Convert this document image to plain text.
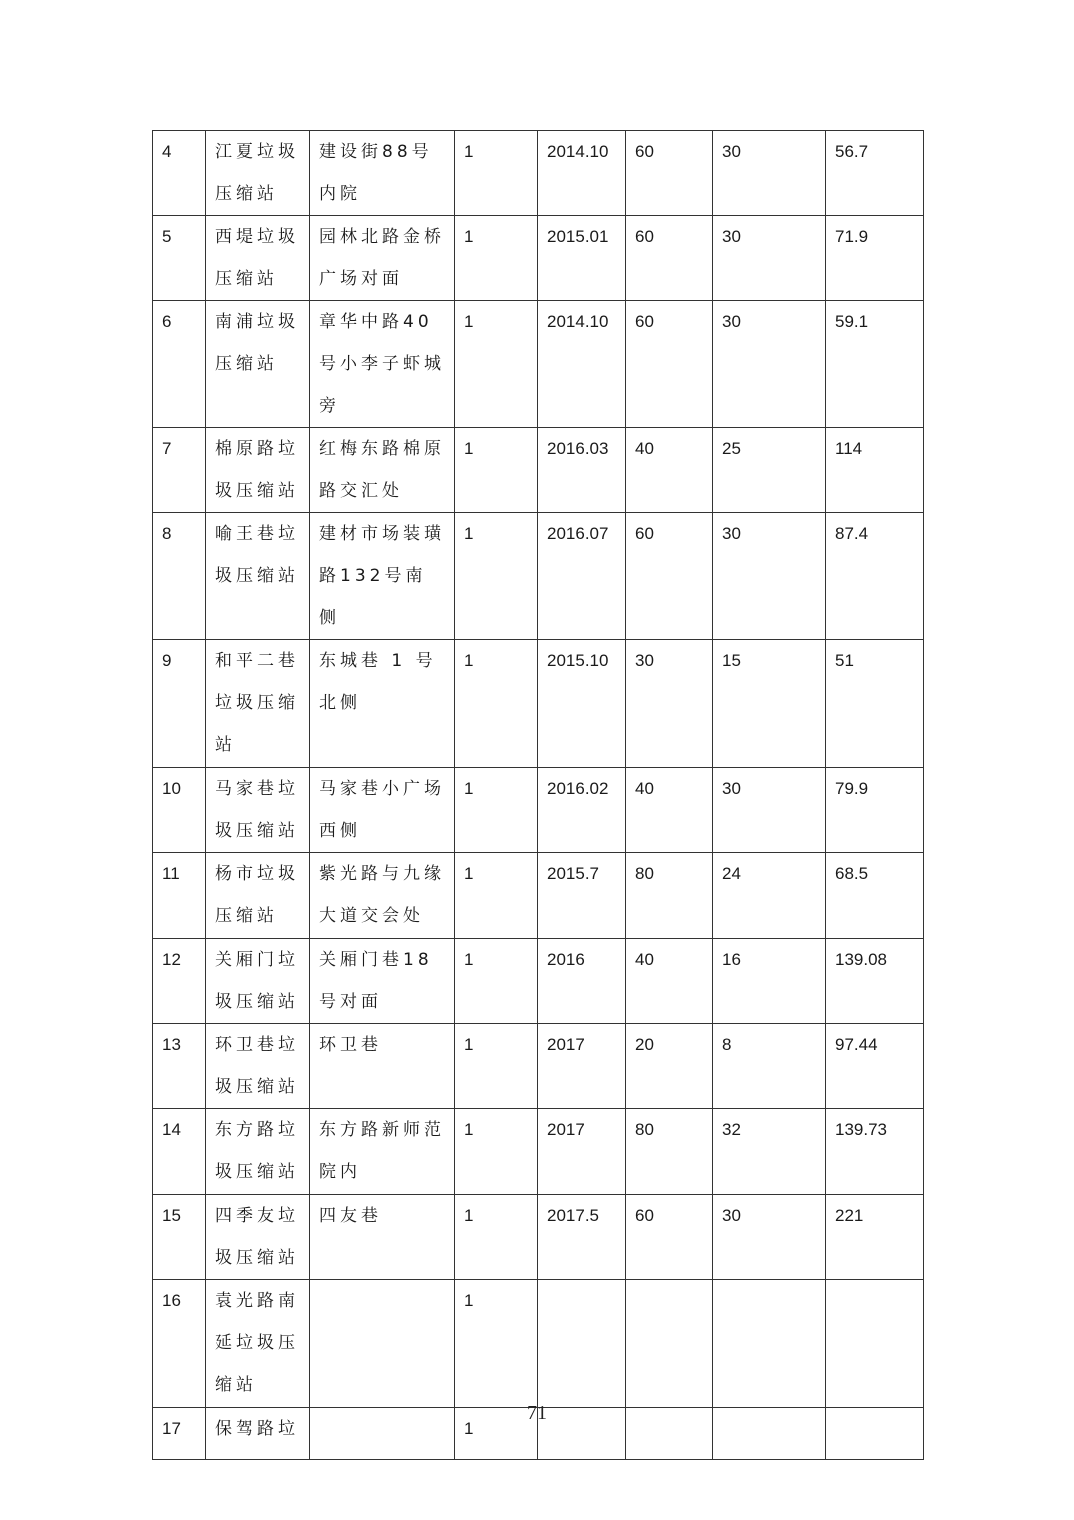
4	江夏垃圾压缩站	建设街88号内院	1	2014.10	60	30	56.7

5	西堤垃圾压缩站	园林北路金桥广场对面	1	2015.01	60	30	71.9

6	南浦垃圾压缩站	章华中路40号小李子虾城旁	1	2014.10	60	30	59.1

7	棉原路垃圾压缩站	红梅东路棉原路交汇处	1	2016.03	40	25	114

8	喻王巷垃圾压缩站	建材市场装璜路132号南侧	1	2016.07	60	30	87.4

9	和平二巷垃圾压缩站	东城巷 1 号北侧	1	2015.10	30	15	51

10	马家巷垃圾压缩站	马家巷小广场西侧	1	2016.02	40	30	79.9

11	杨市垃圾压缩站	紫光路与九缘大道交会处	1	2015.7	80	24	68.5

12	关厢门垃圾压缩站	关厢门巷18号对面	1	2016	40	16	139.08

13	环卫巷垃圾压缩站	环卫巷	1	2017	20	8	97.44

14	东方路垃圾压缩站	东方路新师范院内	1	2017	80	32	139.73

15	四季友垃圾压缩站	四友巷	1	2017.5	60	30	221

16	袁光路南延垃圾压缩站		1				

17	保驾路垃		1				

71
